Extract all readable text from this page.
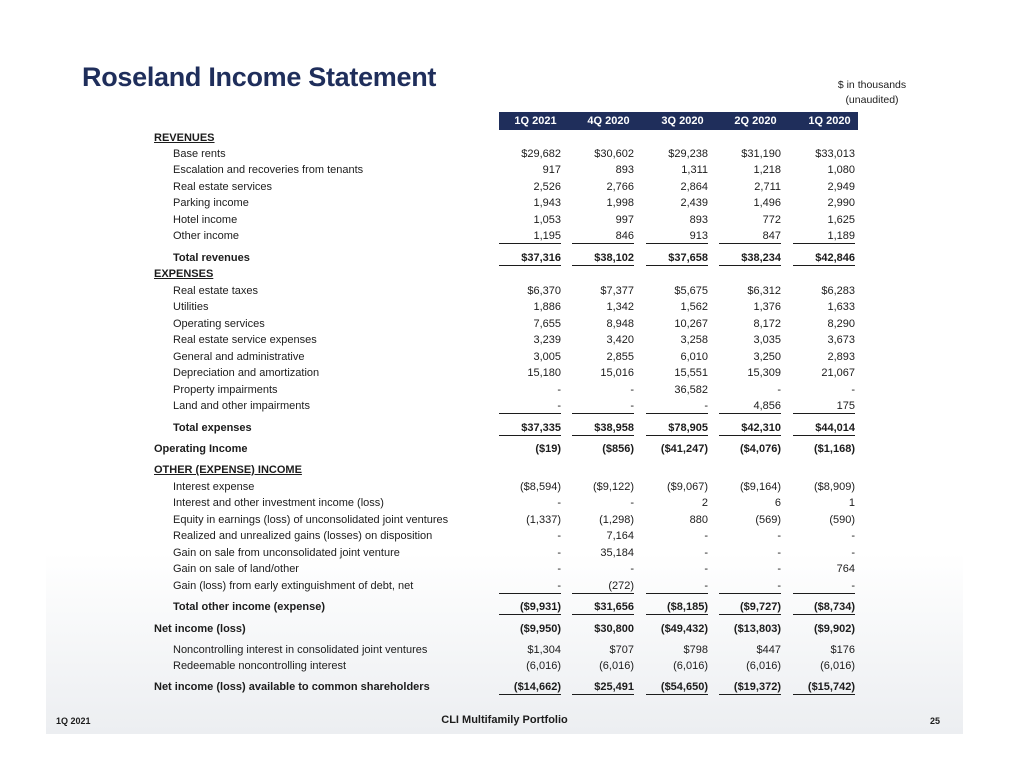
Roseland Income Statement	$ in thousands
(unaudited)
1Q 2021	4Q 2020	3Q 2020	2Q 2020	1Q 2020
REVENUES
Base rents	$29,682	$30,602	$29,238	$31,190	$33,013
Escalation and recoveries from tenants	917	893	1,311	1,218	1,080
Real estate services	2,526	2,766	2,864	2,711	2,949
Parking income	1,943	1,998	2,439	1,496	2,990
Hotel income	1,053	997	893	772	1,625
Other income	1,195	846	913	847	1,189
Total revenues	$37,316	$38,102	$37,658	$38,234	$42,846
EXPENSES
Real estate taxes	$6,370	$7,377	$5,675	$6,312	$6,283
Utilities	1,886	1,342	1,562	1,376	1,633
Operating services	7,655	8,948	10,267	8,172	8,290
Real estate service expenses	3,239	3,420	3,258	3,035	3,673
General and administrative	3,005	2,855	6,010	3,250	2,893
Depreciation and amortization	15,180	15,016	15,551	15,309	21,067
Property impairments	-	-	36,582	-	-
Land and other impairments	-	-	-	4,856	175
Total expenses	$37,335	$38,958	$78,905	$42,310	$44,014
Operating Income	($19)	($856)	($41,247)	($4,076)	($1,168)
OTHER (EXPENSE) INCOME
Interest expense	($8,594)	($9,122)	($9,067)	($9,164)	($8,909)
Interest and other investment income (loss)	-	-	2	6	1
Equity in earnings (loss) of unconsolidated joint ventures	(1,337)	(1,298)	880	(569)	(590)
Realized and unrealized gains (losses) on disposition	-	7,164	-	-	-
Gain on sale from unconsolidated joint venture	-	35,184	-	-	-
Gain on sale of land/other	-	-	-	-	764
Gain (loss) from early extinguishment of debt, net	-	(272)	-	-	-
Total other income (expense)	($9,931)	$31,656	($8,185)	($9,727)	($8,734)
Net income (loss)	($9,950)	$30,800	($49,432)	($13,803)	($9,902)
Noncontrolling interest in consolidated joint ventures	$1,304	$707	$798	$447	$176
Redeemable noncontrolling interest	(6,016)	(6,016)	(6,016)	(6,016)	(6,016)
Net income (loss) available to common shareholders	($14,662)	$25,491	($54,650)	($19,372)	($15,742)
1Q 2021	CLI Multifamily Portfolio	25
